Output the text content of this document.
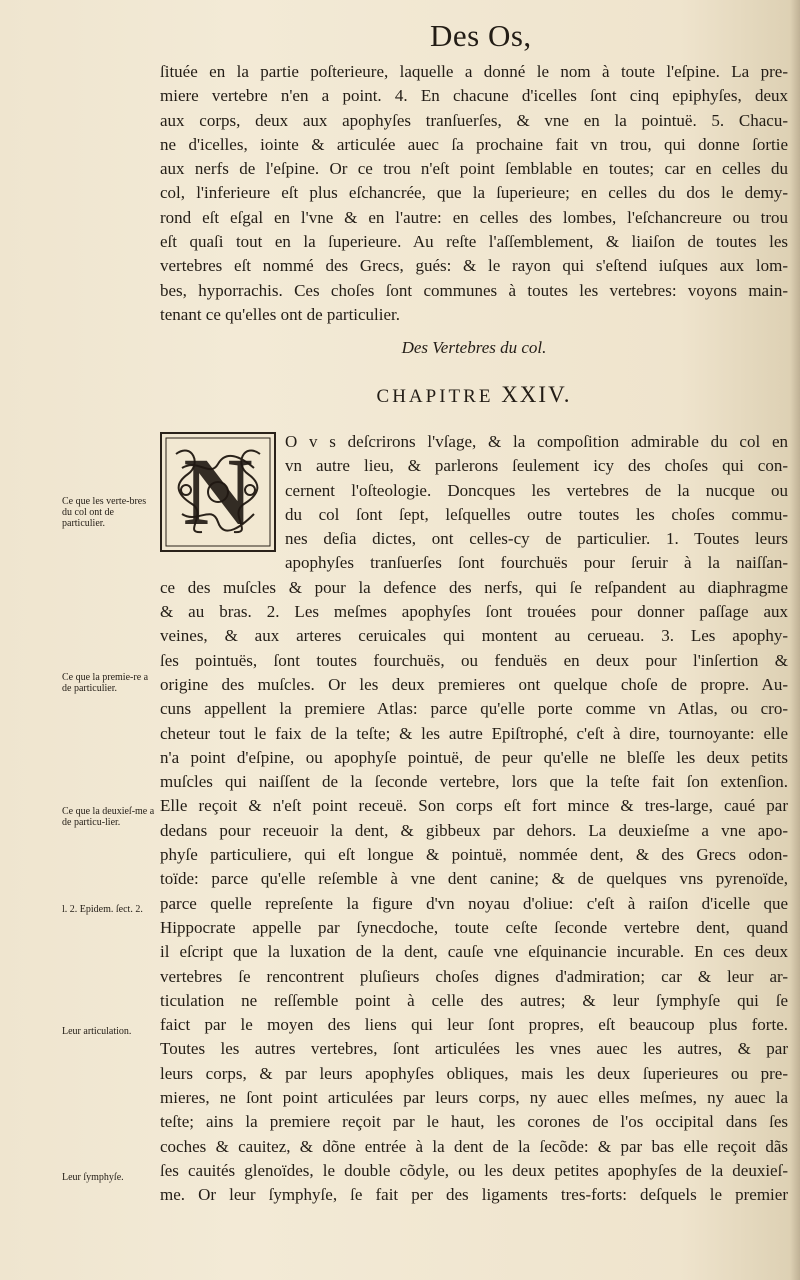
Des Os,
ſituée en la partie poſterieure, laquelle a donné le nom à toute l'eſpine. La pre-
miere vertebre n'en a point. 4. En chacune d'icelles ſont cinq epiphyſes, deux
aux corps, deux aux apophyſes tranſuerſes, & vne en la pointuë. 5. Chacu-
ne d'icelles, iointe & articulée auec ſa prochaine fait vn trou, qui donne ſortie
aux nerfs de l'eſpine. Or ce trou n'eſt point ſemblable en toutes; car en celles du
col, l'inferieure eſt plus eſchancrée, que la ſuperieure; en celles du dos le demy-
rond eſt eſgal en l'vne & en l'autre: en celles des lombes, l'eſchancreure ou trou
eſt quaſi tout en la ſuperieure. Au reſte l'aſſemblement, & liaiſon de toutes les
vertebres eſt nommé des Grecs, gués: & le rayon qui s'eſtend iuſques aux lom-
bes, hyporrachis. Ces choſes ſont communes à toutes les vertebres: voyons main-
tenant ce qu'elles ont de particulier.
Des Vertebres du col.
CHAPITRE XXIV.
N O v s deſcrirons l'vſage, & la compoſition admirable du col en
vn autre lieu, & parlerons ſeulement icy des choſes qui con-
cernent l'oſteologie. Doncques les vertebres de la nucque ou
du col ſont ſept, leſquelles outre toutes les choſes commu-
nes deſia dictes, ont celles-cy de particulier. 1. Toutes leurs
apophyſes tranſuerſes ſont fourchuës pour ſeruir à la naiſſan-
ce des muſcles & pour la defence des nerfs, qui ſe reſpandent au diaphragme
& au bras. 2. Les meſmes apophyſes ſont trouées pour donner paſſage aux
veines, & aux arteres ceruicales qui montent au cerueau. 3. Les apophy-
ſes pointuës, ſont toutes fourchuës, ou fenduës en deux pour l'inſertion &
origine des muſcles. Or les deux premieres ont quelque choſe de propre. Au-
cuns appellent la premiere Atlas: parce qu'elle porte comme vn Atlas, ou cro-
cheteur tout le faix de la teſte; & les autre Epiſtrophé, c'eſt à dire, tournoyante: elle
n'a point d'eſpine, ou apophyſe pointuë, de peur qu'elle ne bleſſe les deux petits
muſcles qui naiſſent de la ſeconde vertebre, lors que la teſte fait ſon extenſion.
Elle reçoit & n'eſt point receuë. Son corps eſt fort mince & tres-large, caué par
dedans pour receuoir la dent, & gibbeux par dehors. La deuxieſme a vne apo-
phyſe particuliere, qui eſt longue & pointuë, nommée dent, & des Grecs odon-
toïde: parce qu'elle reſemble à vne dent canine; & de quelques vns pyrenoïde,
parce quelle repreſente la figure d'vn noyau d'oliue: c'eſt à raiſon d'icelle que
Hippocrate appelle par ſynecdoche, toute ceſte ſeconde vertebre dent, quand
il eſcript que la luxation de la dent, cauſe vne eſquinancie incurable. En ces deux
vertebres ſe rencontrent pluſieurs choſes dignes d'admiration; car & leur ar-
ticulation ne reſſemble point à celle des autres; & leur ſymphyſe qui ſe
faict par le moyen des liens qui leur ſont propres, eſt beaucoup plus forte.
Toutes les autres vertebres, ſont articulées les vnes auec les autres, & par
leurs corps, & par leurs apophyſes obliques, mais les deux ſuperieures ou pre-
mieres, ne ſont point articulées par leurs corps, ny auec elles meſmes, ny auec la
teſte; ains la premiere reçoit par le haut, les corones de l'os occipital dans ſes
coches & cauitez, & dõne entrée à la dent de la ſecõde: & par bas elle reçoit dãs
ſes cauités glenoïdes, le double cõdyle, ou les deux petites apophyſes de la deuxieſ-
me. Or leur ſymphyſe, ſe fait per des ligaments tres-forts: deſquels le premier
Ce que les verte-bres du col ont de particulier.
Ce que la premie-re a de particulier.
Ce que la deuxieſ-me a de particu-lier.
l. 2. Epidem. ſect. 2.
Leur articulation.
Leur ſymphyſe.
